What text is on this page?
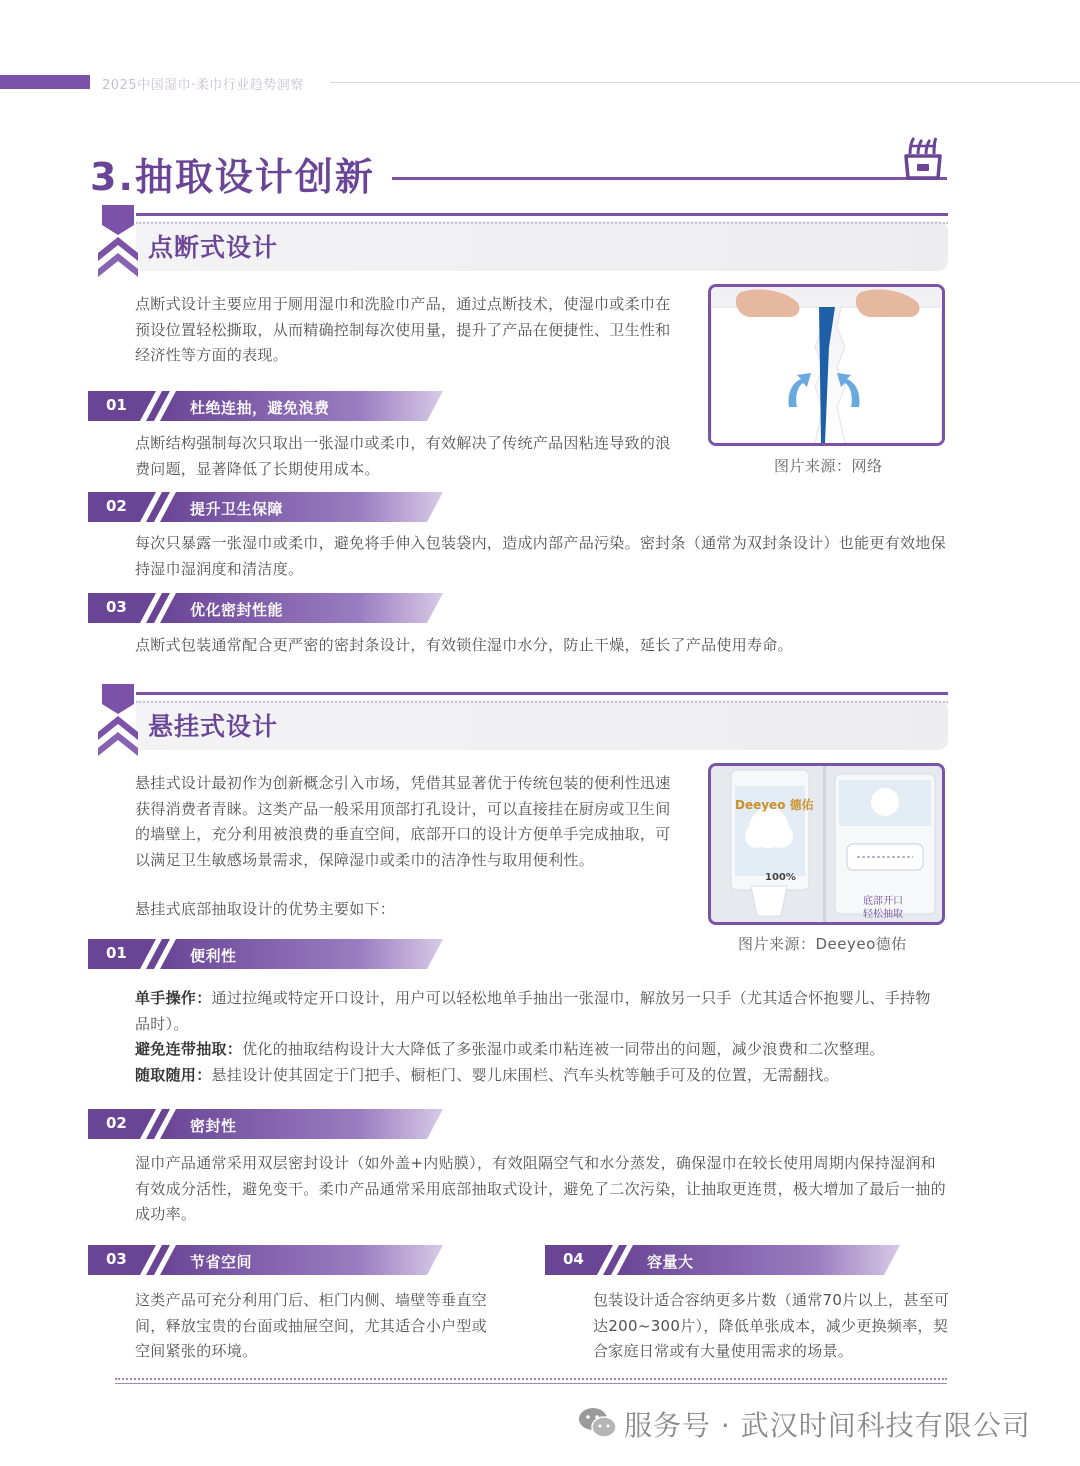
2025中国湿巾·柔巾行业趋势洞察
3.抽取设计创新
点断式设计
点断式设计主要应用于厕用湿巾和洗脸巾产品，通过点断技术，使湿巾或柔巾在预设位置轻松撕取，从而精确控制每次使用量，提升了产品在便捷性、卫生性和经济性等方面的表现。
图片来源：网络
01	杜绝连抽，避免浪费
点断结构强制每次只取出一张湿巾或柔巾，有效解决了传统产品因粘连导致的浪费问题，显著降低了长期使用成本。
02	提升卫生保障
每次只暴露一张湿巾或柔巾，避免将手伸入包装袋内，造成内部产品污染。密封条（通常为双封条设计）也能更有效地保持湿巾湿润度和清洁度。
03	优化密封性能
点断式包装通常配合更严密的密封条设计，有效锁住湿巾水分，防止干燥，延长了产品使用寿命。
悬挂式设计
悬挂式设计最初作为创新概念引入市场，凭借其显著优于传统包装的便利性迅速获得消费者青睐。这类产品一般采用顶部打孔设计，可以直接挂在厨房或卫生间的墙壁上，充分利用被浪费的垂直空间，底部开口的设计方便单手完成抽取，可以满足卫生敏感场景需求，保障湿巾或柔巾的洁净性与取用便利性。
悬挂式底部抽取设计的优势主要如下：
Deeyeo 德佑
100%
底部开口
轻松抽取
图片来源：Deeyeo德佑
01	便利性
单手操作：通过拉绳或特定开口设计，用户可以轻松地单手抽出一张湿巾，解放另一只手（尤其适合怀抱婴儿、手持物品时）。
避免连带抽取：优化的抽取结构设计大大降低了多张湿巾或柔巾粘连被一同带出的问题，减少浪费和二次整理。
随取随用：悬挂设计使其固定于门把手、橱柜门、婴儿床围栏、汽车头枕等触手可及的位置，无需翻找。
02	密封性
湿巾产品通常采用双层密封设计（如外盖+内贴膜），有效阻隔空气和水分蒸发，确保湿巾在较长使用周期内保持湿润和有效成分活性，避免变干。柔巾产品通常采用底部抽取式设计，避免了二次污染，让抽取更连贯，极大增加了最后一抽的成功率。
03	节省空间
这类产品可充分利用门后、柜门内侧、墙壁等垂直空间，释放宝贵的台面或抽屉空间，尤其适合小户型或空间紧张的环境。
04	容量大
包装设计适合容纳更多片数（通常70片以上，甚至可达200~300片），降低单张成本，减少更换频率，契合家庭日常或有大量使用需求的场景。
服务号 · 武汉时间科技有限公司
